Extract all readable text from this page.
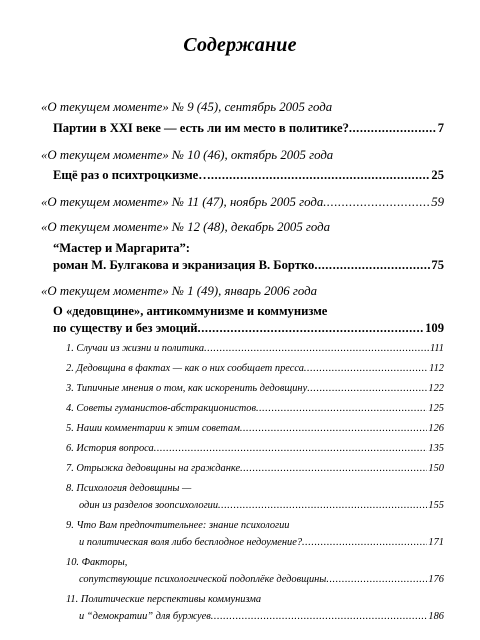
Содержание
«О текущем моменте» № 9 (45), сентябрь 2005 года
Партии в XXI веке — есть ли им место в политике? .....	7
«О текущем моменте» № 10 (46), октябрь 2005 года
Ещё раз о психтроцкизме… .....	25
«О текущем моменте» № 11 (47), ноябрь 2005 года .....	59
«О текущем моменте» № 12 (48), декабрь 2005 года
“Мастер и Маргарита”:
роман М. Булгакова и экранизация В. Бортко .....	75
«О текущем моменте» № 1 (49), январь 2006 года
О «дедовщине», антикоммунизме и коммунизме
по существу и без эмоций .....	109
1. Случаи из жизни и политика .....	111
2. Дедовщина в фактах — как о них сообщает пресса .....	112
3. Типичные мнения о том, как искоренить дедовщину .....	122
4. Советы гуманистов-абстракционистов .....	125
5. Наши комментарии к этим советам .....	126
6. История вопроса .....	135
7. Отрыжка дедовщины на гражданке .....	150
8. Психология дедовщины —
один из разделов зоопсихологии .....	155
9. Что Вам предпочтительнее: знание психологии
и политическая воля либо бесплодное недоумение? .....	171
10. Факторы,
сопутствующие психологической подоплёке дедовщины .....	176
11. Политические перспективы коммунизма
и “демократии” для буржуев .....	186
